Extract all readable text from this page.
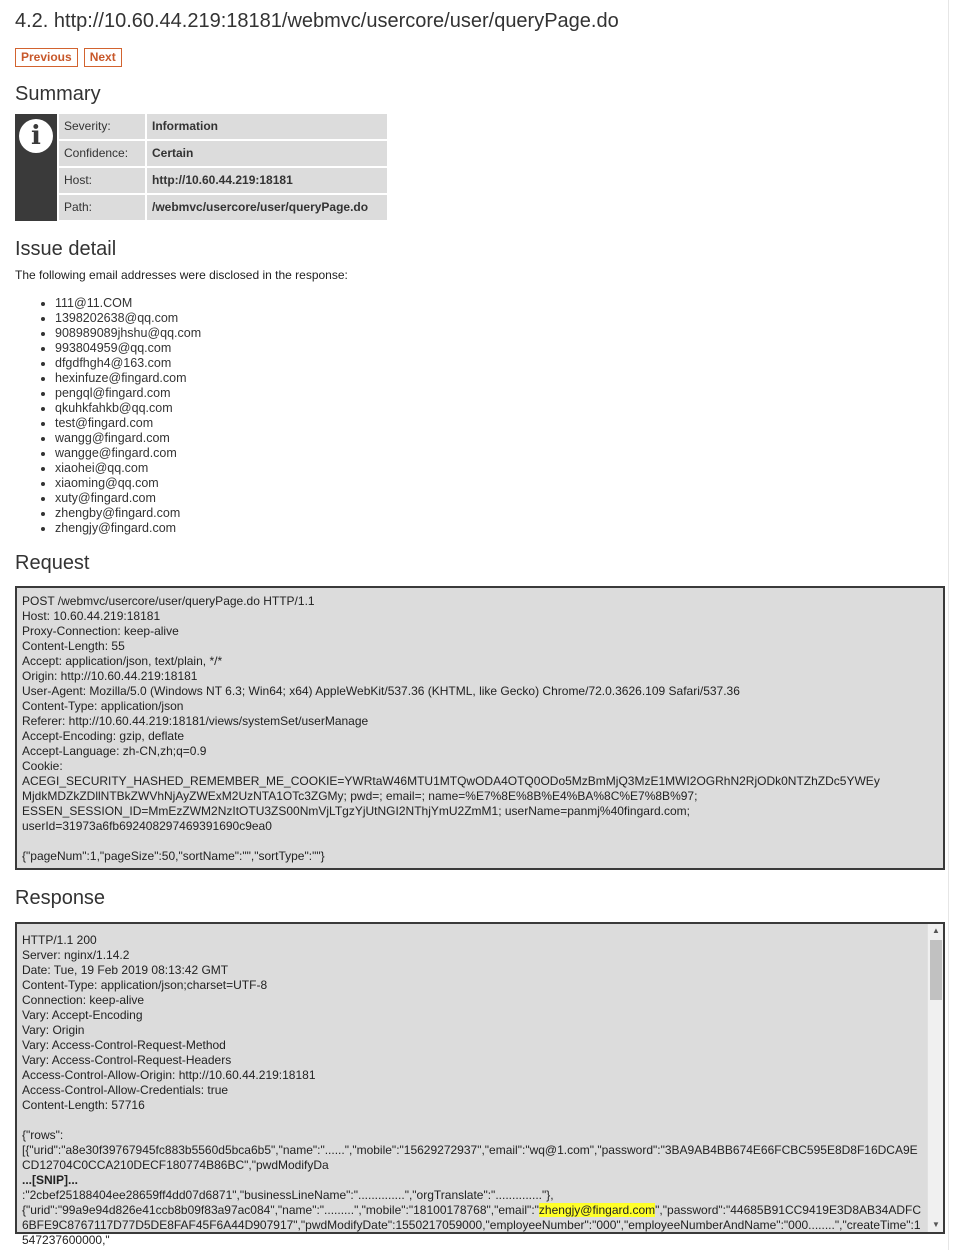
4.2. http://10.60.44.219:18181/webmvc/usercore/user/queryPage.do
Previous Next
Summary
i	Severity:	Information
Confidence:	Certain
Host:	http://10.60.44.219:18181
Path:	/webmvc/usercore/user/queryPage.do
Issue detail
The following email addresses were disclosed in the response:
• 111@11.COM
• 1398202638@qq.com
• 908989089jhshu@qq.com
• 993804959@qq.com
• dfgdfhgh4@163.com
• hexinfuze@fingard.com
• pengql@fingard.com
• qkuhkfahkb@qq.com
• test@fingard.com
• wangg@fingard.com
• wangge@fingard.com
• xiaohei@qq.com
• xiaoming@qq.com
• xuty@fingard.com
• zhengby@fingard.com
• zhengjy@fingard.com
Request
POST /webmvc/usercore/user/queryPage.do HTTP/1.1
Host: 10.60.44.219:18181
Proxy-Connection: keep-alive
Content-Length: 55
Accept: application/json, text/plain, */*
Origin: http://10.60.44.219:18181
User-Agent: Mozilla/5.0 (Windows NT 6.3; Win64; x64) AppleWebKit/537.36 (KHTML, like Gecko) Chrome/72.0.3626.109 Safari/537.36
Content-Type: application/json
Referer: http://10.60.44.219:18181/views/systemSet/userManage
Accept-Encoding: gzip, deflate
Accept-Language: zh-CN,zh;q=0.9
Cookie:
ACEGI_SECURITY_HASHED_REMEMBER_ME_COOKIE=YWRtaW46MTU1MTQwODA4OTQ0ODo5MzBmMjQ3MzE1MWI2OGRhN2RjODk0NTZhZDc5YWEy
MjdkMDZkZDllNTBkZWVhNjAyZWExM2UzNTA1OTc3ZGMy; pwd=; email=; name=%E7%8E%8B%E4%BA%8C%E7%8B%97;
ESSEN_SESSION_ID=MmEzZWM2NzItOTU3ZS00NmVjLTgzYjUtNGI2NThjYmU2ZmM1; userName=panmj%40fingard.com;
userId=31973a6fb692408297469391690c9ea0

{"pageNum":1,"pageSize":50,"sortName":"","sortType":""}
Response
HTTP/1.1 200
Server: nginx/1.14.2
Date: Tue, 19 Feb 2019 08:13:42 GMT
Content-Type: application/json;charset=UTF-8
Connection: keep-alive
Vary: Accept-Encoding
Vary: Origin
Vary: Access-Control-Request-Method
Vary: Access-Control-Request-Headers
Access-Control-Allow-Origin: http://10.60.44.219:18181
Access-Control-Allow-Credentials: true
Content-Length: 57716

{"rows":
[{"urid":"a8e30f39767945fc883b5560d5bca6b5","name":"......","mobile":"15629272937","email":"wq@1.com","password":"3BA9AB4BB674E66FCBC595E8D8F16DCA9ECD12704C0CCA210DECF180774B86BC","pwdModifyDa
...[SNIP]...
:"2cbef25188404ee28659ff4dd07d6871","businessLineName":"..............","orgTranslate":".............."},
{"urid":"99a9e94d826e41ccb8b09f83a97ac084","name":".........","mobile":"18100178768","email":"zhengjy@fingard.com","password":"44685B91CC9419E3D8AB34ADFC6BFE9C8767117D77D5DE8FAF45F6A44D907917","pwdModifyDate":1550217059000,"employeeNumber":"000","employeeNumberAndName":"000........","createTime":1547237600000,"
▲
▼
